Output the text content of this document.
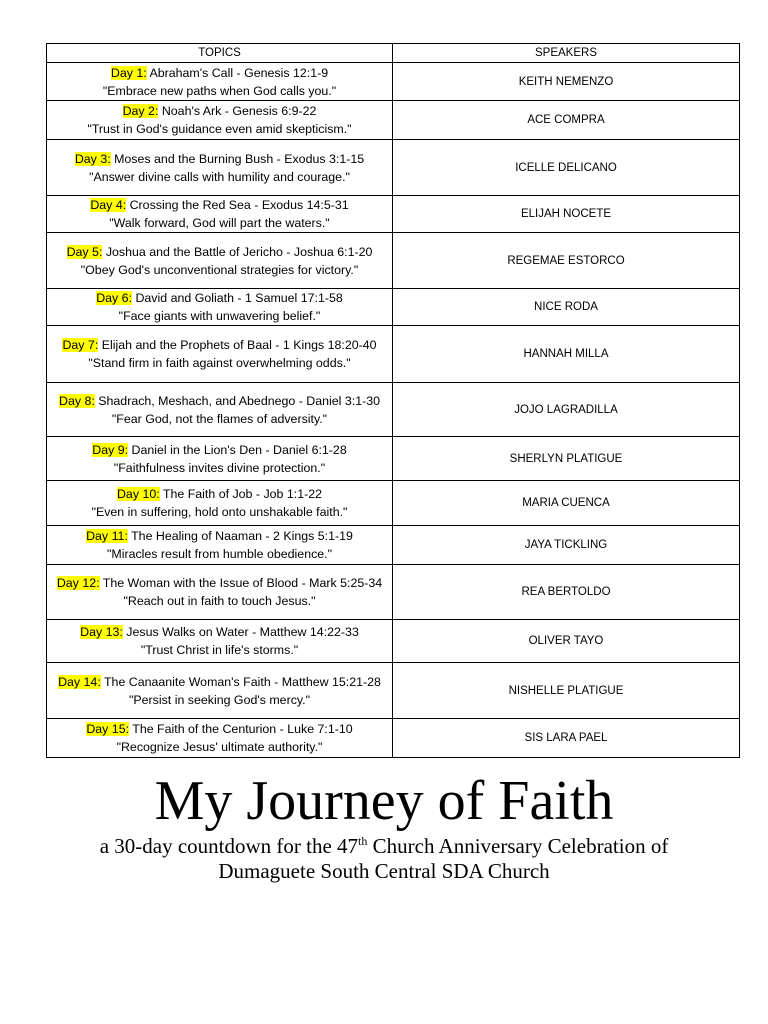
TOPICS	SPEAKERS
Day 1: Abraham's Call - Genesis 12:1-9
"Embrace new paths when God calls you."	KEITH NEMENZO
Day 2: Noah's Ark - Genesis 6:9-22
"Trust in God's guidance even amid skepticism."	ACE COMPRA
Day 3: Moses and the Burning Bush - Exodus 3:1-15
"Answer divine calls with humility and courage."	ICELLE DELICANO
Day 4: Crossing the Red Sea - Exodus 14:5-31
"Walk forward, God will part the waters."	ELIJAH NOCETE
Day 5: Joshua and the Battle of Jericho - Joshua 6:1-20
"Obey God's unconventional strategies for victory."	REGEMAE ESTORCO
Day 6: David and Goliath - 1 Samuel 17:1-58
"Face giants with unwavering belief."	NICE RODA
Day 7: Elijah and the Prophets of Baal - 1 Kings 18:20-40
"Stand firm in faith against overwhelming odds."	HANNAH MILLA
Day 8: Shadrach, Meshach, and Abednego - Daniel 3:1-30
"Fear God, not the flames of adversity."	JOJO LAGRADILLA
Day 9: Daniel in the Lion's Den - Daniel 6:1-28
"Faithfulness invites divine protection."	SHERLYN PLATIGUE
Day 10: The Faith of Job - Job 1:1-22
"Even in suffering, hold onto unshakable faith."	MARIA CUENCA
Day 11: The Healing of Naaman - 2 Kings 5:1-19
"Miracles result from humble obedience."	JAYA TICKLING
Day 12: The Woman with the Issue of Blood - Mark 5:25-34
"Reach out in faith to touch Jesus."	REA BERTOLDO
Day 13: Jesus Walks on Water - Matthew 14:22-33
"Trust Christ in life's storms."	OLIVER TAYO
Day 14: The Canaanite Woman's Faith - Matthew 15:21-28
"Persist in seeking God's mercy."	NISHELLE PLATIGUE
Day 15: The Faith of the Centurion - Luke 7:1-10
"Recognize Jesus' ultimate authority."	SIS LARA PAEL
My Journey of Faith
a 30-day countdown for the 47th Church Anniversary Celebration of
Dumaguete South Central SDA Church
